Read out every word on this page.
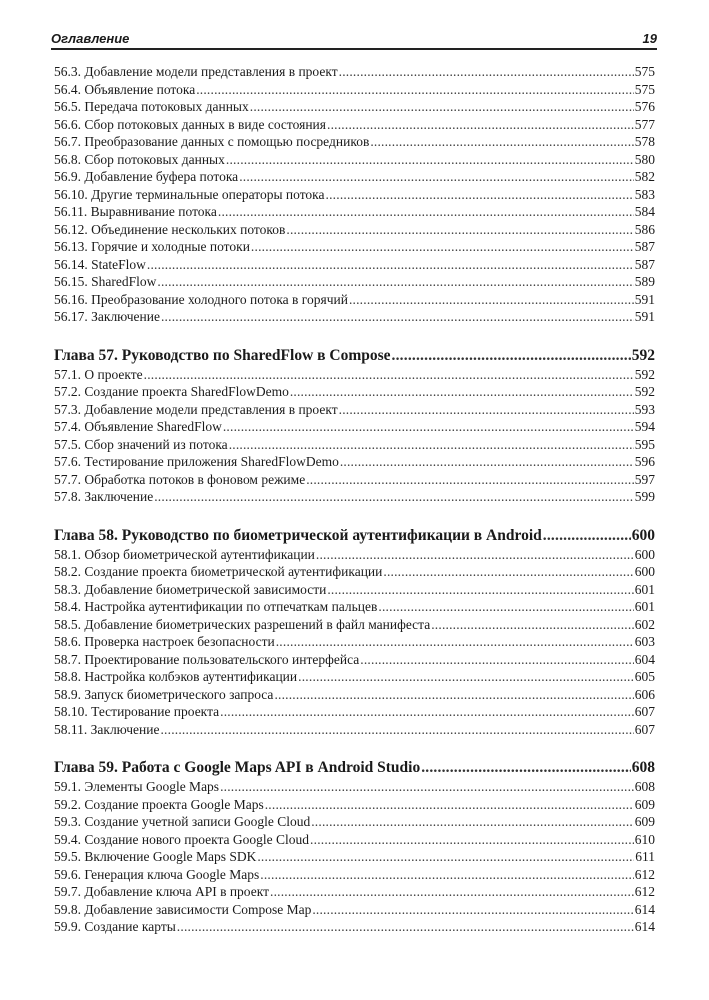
Оглавление	19
56.3. Добавление модели представления в проект .....	575
56.4. Объявление потока .....	575
56.5. Передача потоковых данных .....	576
56.6. Сбор потоковых данных в виде состояния .....	577
56.7. Преобразование данных с помощью посредников .....	578
56.8. Сбор потоковых данных .....	580
56.9. Добавление буфера потока .....	582
56.10. Другие терминальные операторы потока .....	583
56.11. Выравнивание потока .....	584
56.12. Объединение нескольких потоков .....	586
56.13. Горячие и холодные потоки .....	587
56.14. StateFlow .....	587
56.15. SharedFlow .....	589
56.16. Преобразование холодного потока в горячий .....	591
56.17. Заключение .....	591
Глава 57. Руководство по SharedFlow в Compose .....	592
57.1. О проекте .....	592
57.2. Создание проекта SharedFlowDemo .....	592
57.3. Добавление модели представления в проект .....	593
57.4. Объявление SharedFlow .....	594
57.5. Сбор значений из потока .....	595
57.6. Тестирование приложения SharedFlowDemo .....	596
57.7. Обработка потоков в фоновом режиме .....	597
57.8. Заключение .....	599
Глава 58. Руководство по биометрической аутентификации в Android .....	600
58.1. Обзор биометрической аутентификации .....	600
58.2. Создание проекта биометрической аутентификации .....	600
58.3. Добавление биометрической зависимости .....	601
58.4. Настройка аутентификации по отпечаткам пальцев .....	601
58.5. Добавление биометрических разрешений в файл манифеста .....	602
58.6. Проверка настроек безопасности .....	603
58.7. Проектирование пользовательского интерфейса .....	604
58.8. Настройка колбэков аутентификации .....	605
58.9. Запуск биометрического запроса .....	606
58.10. Тестирование проекта .....	607
58.11. Заключение .....	607
Глава 59. Работа с Google Maps API в Android Studio .....	608
59.1. Элементы Google Maps .....	608
59.2. Создание проекта Google Maps .....	609
59.3. Создание учетной записи Google Cloud .....	609
59.4. Создание нового проекта Google Cloud .....	610
59.5. Включение Google Maps SDK .....	611
59.6. Генерация ключа Google Maps .....	612
59.7. Добавление ключа API в проект .....	612
59.8. Добавление зависимости Compose Map .....	614
59.9. Создание карты .....	614
